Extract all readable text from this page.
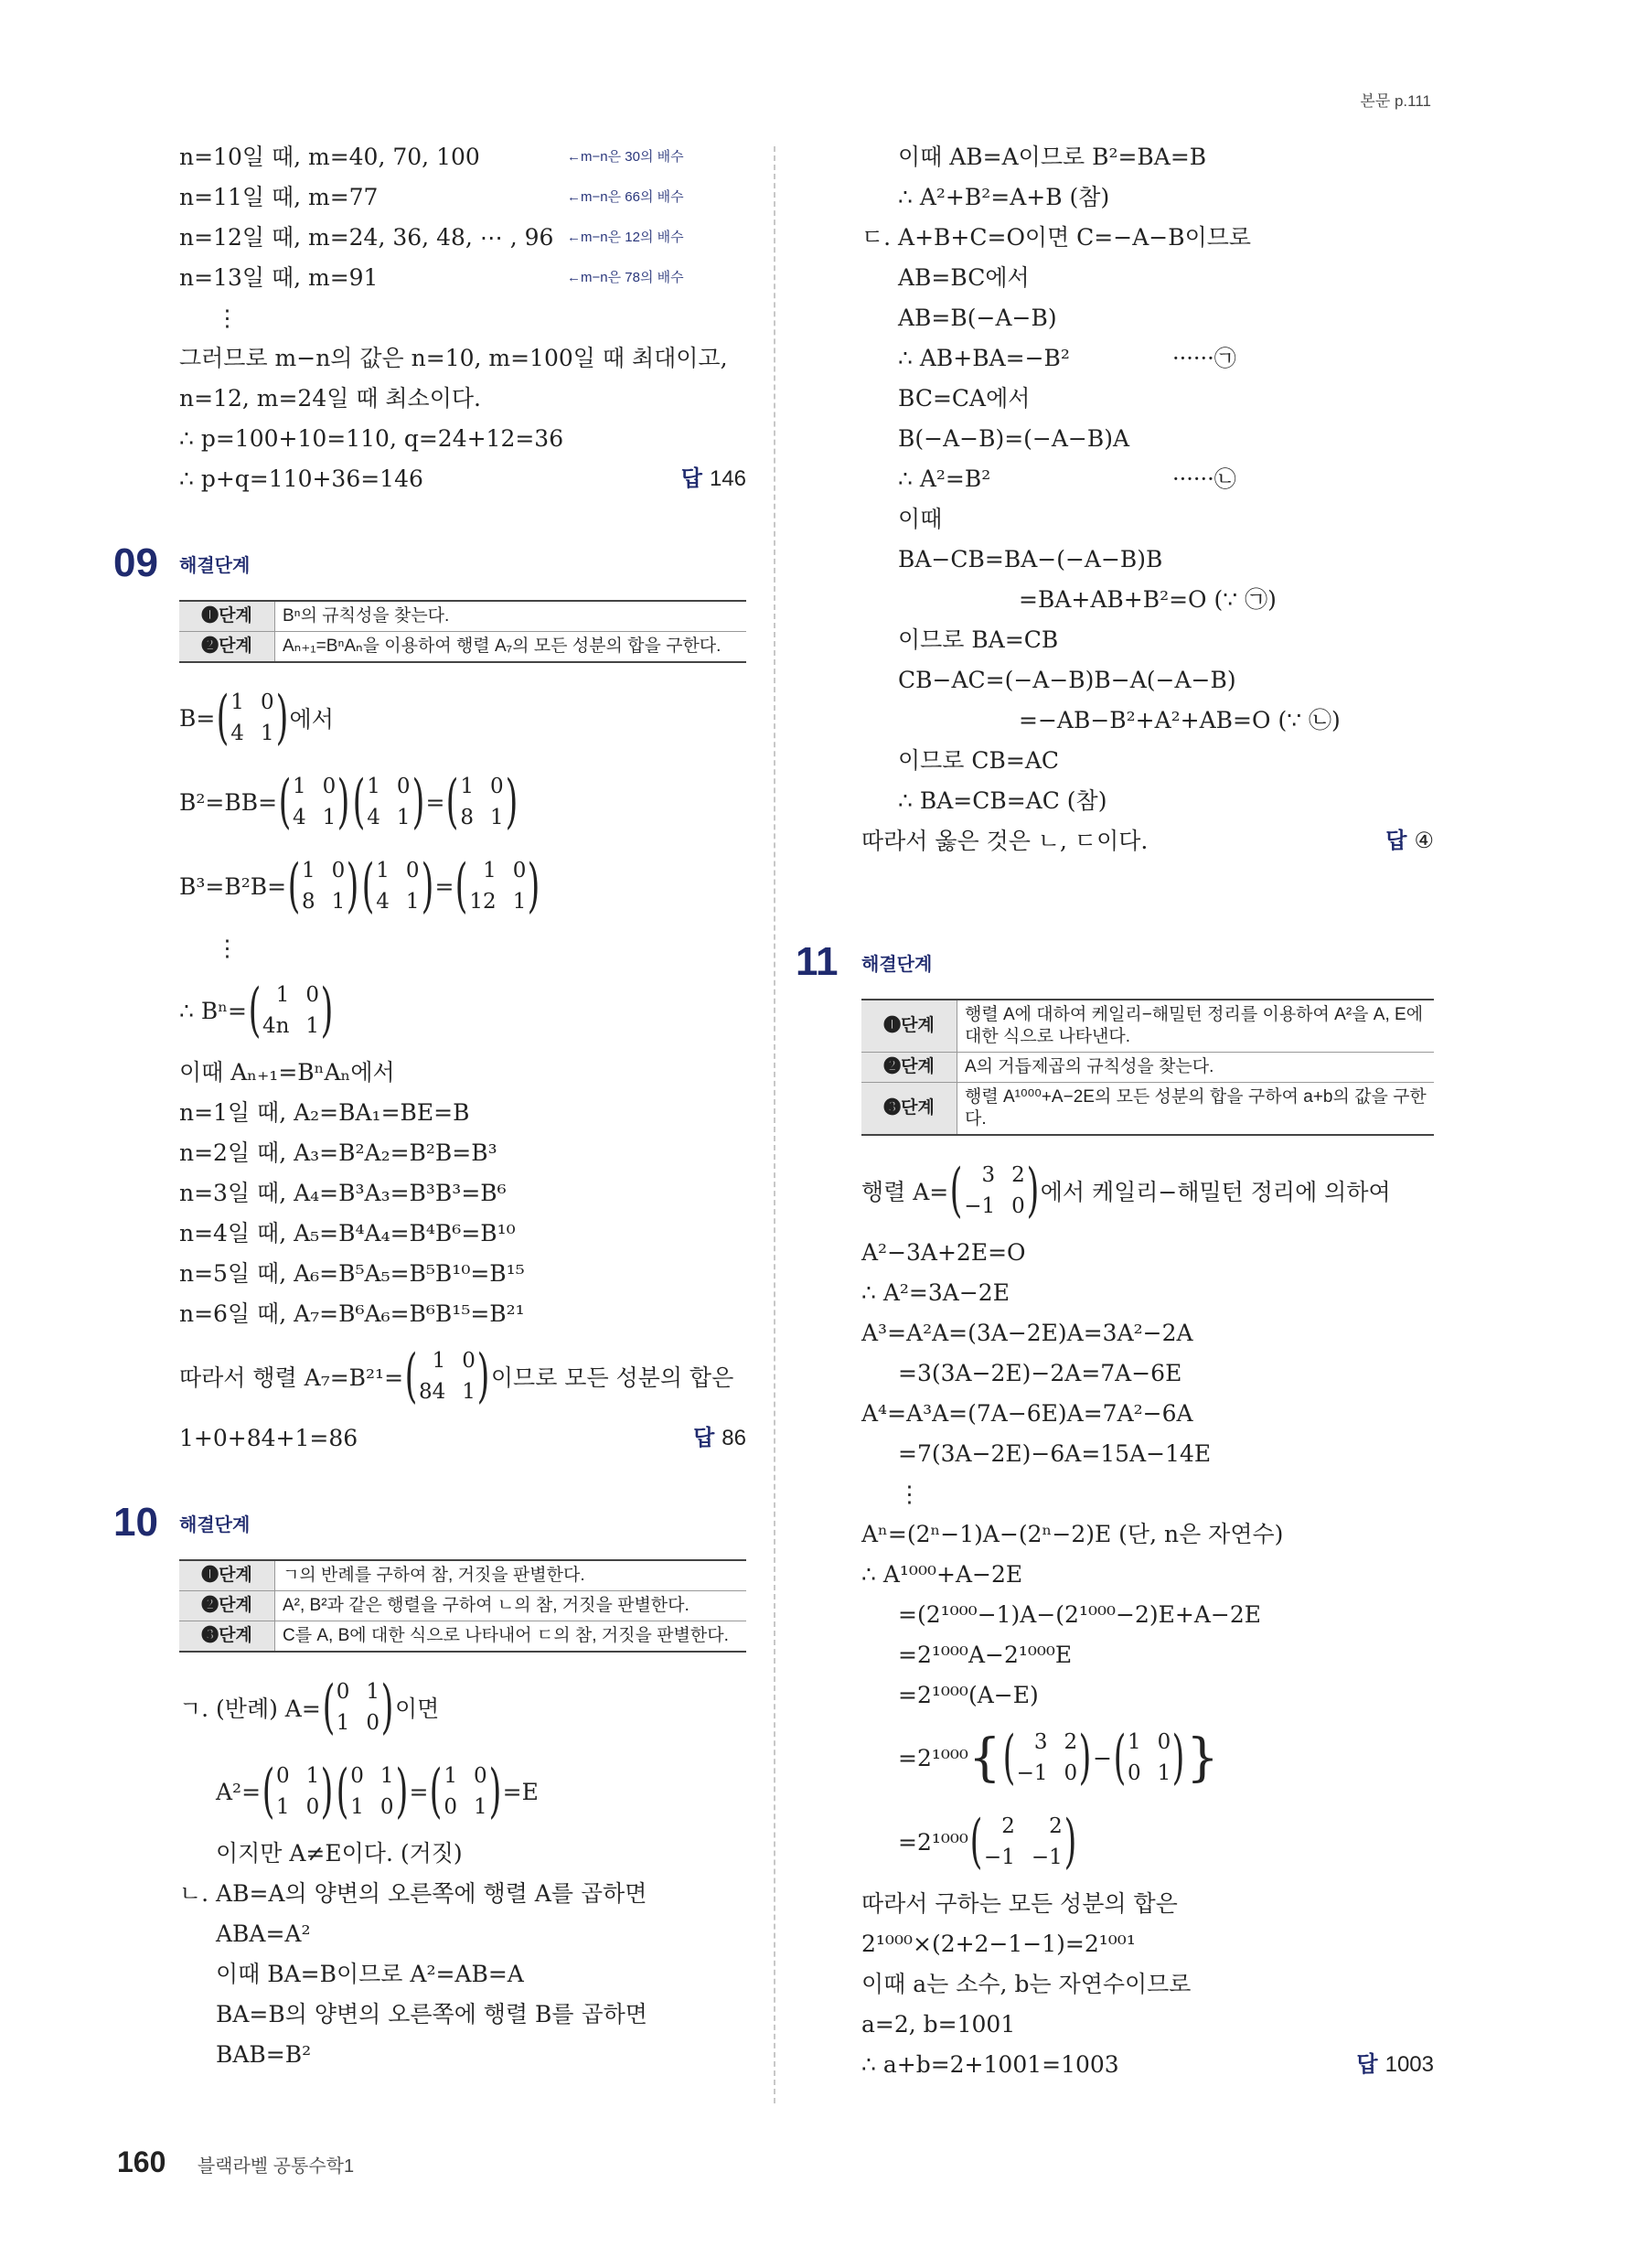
본문 p.111
n=10일 때, m=40, 70, 100	←m−n은 30의 배수
n=11일 때, m=77	←m−n은 66의 배수
n=12일 때, m=24, 36, 48, ⋯ , 96 ←m−n은 12의 배수
n=13일 때, m=91	←m−n은 78의 배수
⋮
그러므로 m−n의 값은 n=10, m=100일 때 최대이고,
n=12, m=24일 때 최소이다.
∴ p=100+10=110, q=24+12=36
∴ p+q=110+36=146	답 146
09	해결단계
❶단계	Bⁿ의 규칙성을 찾는다.
❷단계	Aₙ₊₁=BⁿAₙ을 이용하여 행렬 A₇의 모든 성분의 합을 구한다.
B= ( 1 0
4 1 ) 에서
B²=BB= ( 1 0
4 1 ) ( 1 0
4 1 ) = ( 1 0
8 1 )
B³=B²B= ( 1 0
8 1 ) ( 1 0
4 1 ) = ( 1 0
12 1 )
⋮
∴ Bⁿ= ( 1 0
4n 1 )
이때 Aₙ₊₁=BⁿAₙ에서
n=1일 때, A₂=BA₁=BE=B
n=2일 때, A₃=B²A₂=B²B=B³
n=3일 때, A₄=B³A₃=B³B³=B⁶
n=4일 때, A₅=B⁴A₄=B⁴B⁶=B¹⁰
n=5일 때, A₆=B⁵A₅=B⁵B¹⁰=B¹⁵
n=6일 때, A₇=B⁶A₆=B⁶B¹⁵=B²¹
따라서 행렬 A₇=B²¹= ( 1 0
84 1 ) 이므로 모든 성분의 합은
1+0+84+1=86	답 86
10	해결단계
❶단계	ㄱ의 반례를 구하여 참, 거짓을 판별한다.
❷단계	A², B²과 같은 행렬을 구하여 ㄴ의 참, 거짓을 판별한다.
❸단계	C를 A, B에 대한 식으로 나타내어 ㄷ의 참, 거짓을 판별한다.
ㄱ. (반례) A= ( 0 1
1 0 ) 이면
A²= ( 0 1
1 0 ) ( 0 1
1 0 ) = ( 1 0
0 1 ) =E
이지만 A≠E이다. (거짓)
ㄴ. AB=A의 양변의 오른쪽에 행렬 A를 곱하면
ABA=A²
이때 BA=B이므로 A²=AB=A
BA=B의 양변의 오른쪽에 행렬 B를 곱하면
BAB=B²
이때 AB=A이므로 B²=BA=B
∴ A²+B²=A+B (참)
ㄷ. A+B+C=O이면 C=−A−B이므로
AB=BC에서
AB=B(−A−B)
∴ AB+BA=−B²	······㉠
BC=CA에서
B(−A−B)=(−A−B)A
∴ A²=B²	······㉡
이때
BA−CB=BA−(−A−B)B
=BA+AB+B²=O (∵ ㉠)
이므로 BA=CB
CB−AC=(−A−B)B−A(−A−B)
=−AB−B²+A²+AB=O (∵ ㉡)
이므로 CB=AC
∴ BA=CB=AC (참)
따라서 옳은 것은 ㄴ, ㄷ이다.	답 ④
11	해결단계
❶단계	행렬 A에 대하여 케일리−해밀턴 정리를 이용하여 A²을 A, E에 대한 식으로 나타낸다.
❷단계	A의 거듭제곱의 규칙성을 찾는다.
❸단계	행렬 A¹⁰⁰⁰+A−2E의 모든 성분의 합을 구하여 a+b의 값을 구한다.
행렬 A= ( 3 2
−1 0 ) 에서 케일리−해밀턴 정리에 의하여
A²−3A+2E=O
∴ A²=3A−2E
A³=A²A=(3A−2E)A=3A²−2A
=3(3A−2E)−2A=7A−6E
A⁴=A³A=(7A−6E)A=7A²−6A
=7(3A−2E)−6A=15A−14E
⋮
Aⁿ=(2ⁿ−1)A−(2ⁿ−2)E (단, n은 자연수)
∴ A¹⁰⁰⁰+A−2E
=(2¹⁰⁰⁰−1)A−(2¹⁰⁰⁰−2)E+A−2E
=2¹⁰⁰⁰A−2¹⁰⁰⁰E
=2¹⁰⁰⁰(A−E)
=2¹⁰⁰⁰ { ( 3 2
−1 0 ) − ( 1 0
0 1 ) }
=2¹⁰⁰⁰ ( 2	2
−1 −1 )
따라서 구하는 모든 성분의 합은
2¹⁰⁰⁰×(2+2−1−1)=2¹⁰⁰¹
이때 a는 소수, b는 자연수이므로
a=2, b=1001
∴ a+b=2+1001=1003	답 1003
160 블랙라벨 공통수학1
